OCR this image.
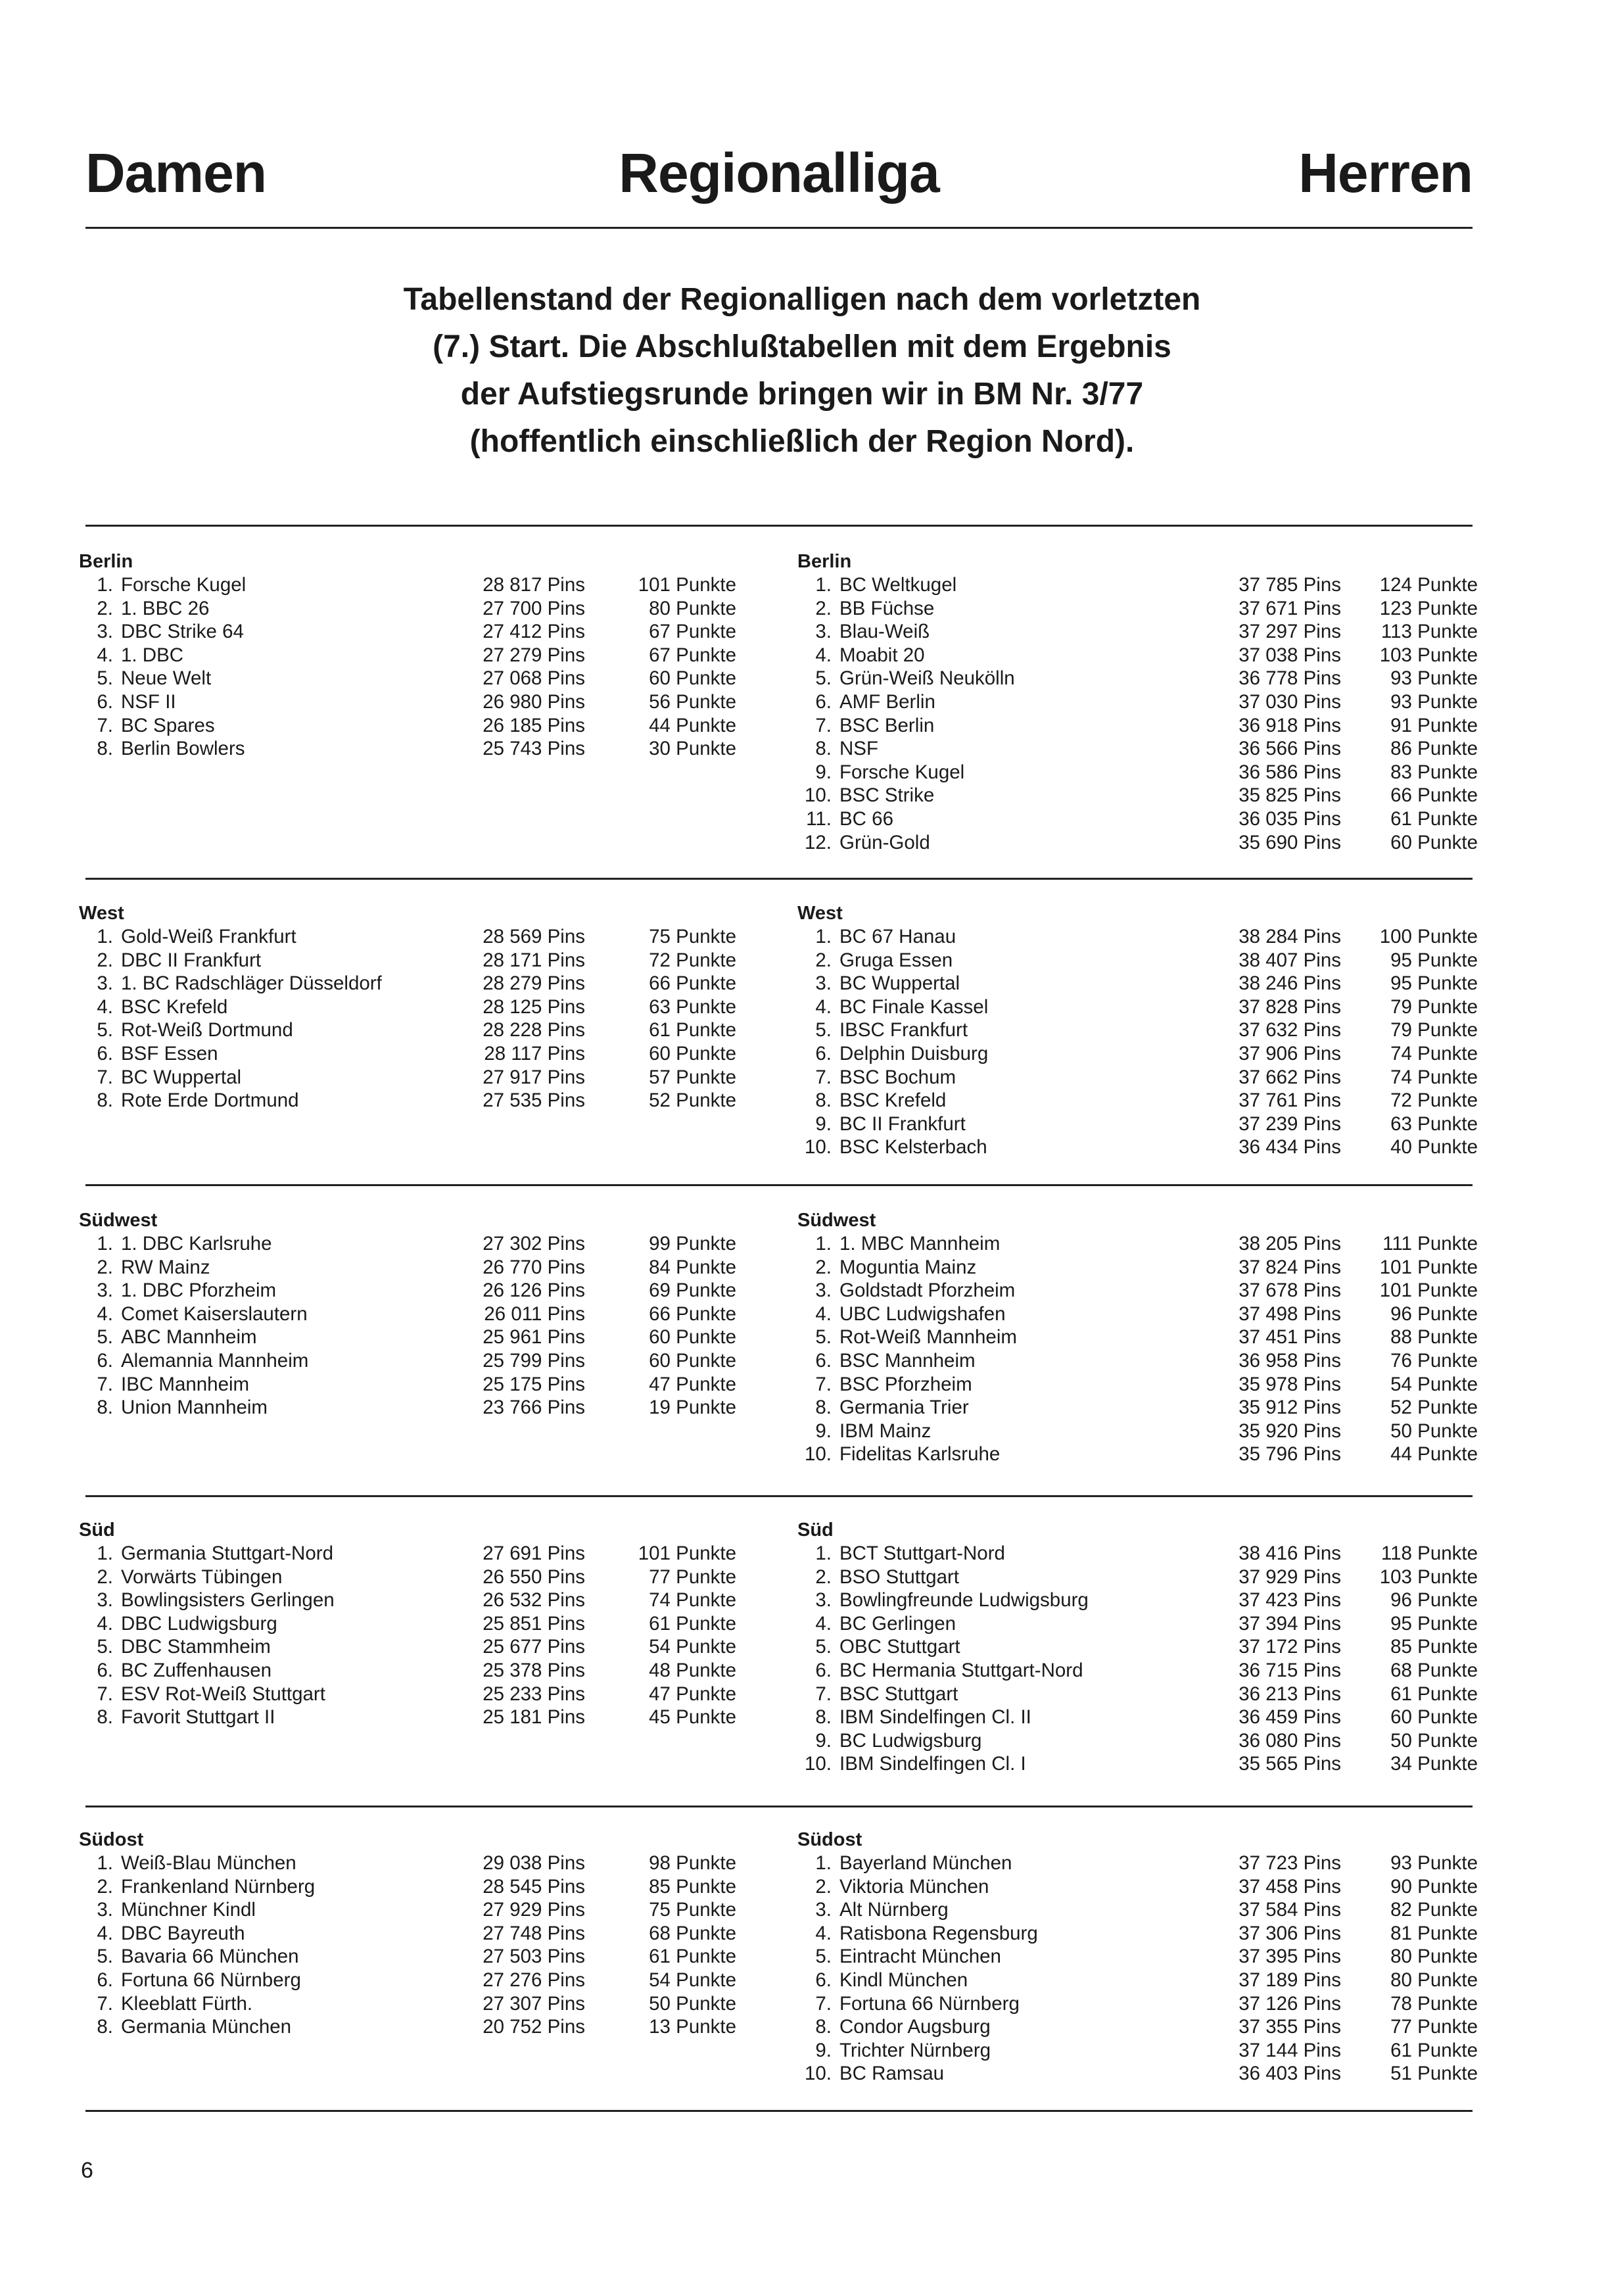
Damen	Regionalliga	Herren
Tabellenstand der Regionalligen nach dem vorletzten
(7.) Start. Die Abschlußtabellen mit dem Ergebnis
der Aufstiegsrunde bringen wir in BM Nr. 3/77
(hoffentlich einschließlich der Region Nord).
Berlin
1. Forsche Kugel	28 817 Pins	101 Punkte
2. 1. BBC 26	27 700 Pins	80 Punkte
3. DBC Strike 64	27 412 Pins	67 Punkte
4. 1. DBC	27 279 Pins	67 Punkte
5. Neue Welt	27 068 Pins	60 Punkte
6. NSF II	26 980 Pins	56 Punkte
7. BC Spares	26 185 Pins	44 Punkte
8. Berlin Bowlers	25 743 Pins	30 Punkte
Berlin
1. BC Weltkugel	37 785 Pins 124 Punkte
2. BB Füchse	37 671 Pins 123 Punkte
3. Blau-Weiß	37 297 Pins 113 Punkte
4. Moabit 20	37 038 Pins 103 Punkte
5. Grün-Weiß Neukölln	36 778 Pins	93 Punkte
6. AMF Berlin	37 030 Pins	93 Punkte
7. BSC Berlin	36 918 Pins	91 Punkte
8. NSF	36 566 Pins	86 Punkte
9. Forsche Kugel	36 586 Pins	83 Punkte
10. BSC Strike	35 825 Pins	66 Punkte
11. BC 66	36 035 Pins	61 Punkte
12. Grün-Gold	35 690 Pins	60 Punkte
West
1. Gold-Weiß Frankfurt	28 569 Pins	75 Punkte
2. DBC II Frankfurt	28 171 Pins	72 Punkte
3. 1. BC Radschläger Düsseldorf	28 279 Pins	66 Punkte
4. BSC Krefeld	28 125 Pins	63 Punkte
5. Rot-Weiß Dortmund	28 228 Pins	61 Punkte
6. BSF Essen	28 117 Pins	60 Punkte
7. BC Wuppertal	27 917 Pins	57 Punkte
8. Rote Erde Dortmund	27 535 Pins	52 Punkte
West
1. BC 67 Hanau	38 284 Pins 100 Punkte
2. Gruga Essen	38 407 Pins	95 Punkte
3. BC Wuppertal	38 246 Pins	95 Punkte
4. BC Finale Kassel	37 828 Pins	79 Punkte
5. IBSC Frankfurt	37 632 Pins	79 Punkte
6. Delphin Duisburg	37 906 Pins	74 Punkte
7. BSC Bochum	37 662 Pins	74 Punkte
8. BSC Krefeld	37 761 Pins	72 Punkte
9. BC II Frankfurt	37 239 Pins	63 Punkte
10. BSC Kelsterbach	36 434 Pins	40 Punkte
Südwest
1. 1. DBC Karlsruhe	27 302 Pins	99 Punkte
2. RW Mainz	26 770 Pins	84 Punkte
3. 1. DBC Pforzheim	26 126 Pins	69 Punkte
4. Comet Kaiserslautern	26 011 Pins	66 Punkte
5. ABC Mannheim	25 961 Pins	60 Punkte
6. Alemannia Mannheim	25 799 Pins	60 Punkte
7. IBC Mannheim	25 175 Pins	47 Punkte
8. Union Mannheim	23 766 Pins	19 Punkte
Südwest
1. 1. MBC Mannheim	38 205 Pins 111 Punkte
2. Moguntia Mainz	37 824 Pins 101 Punkte
3. Goldstadt Pforzheim	37 678 Pins 101 Punkte
4. UBC Ludwigshafen	37 498 Pins	96 Punkte
5. Rot-Weiß Mannheim	37 451 Pins	88 Punkte
6. BSC Mannheim	36 958 Pins	76 Punkte
7. BSC Pforzheim	35 978 Pins	54 Punkte
8. Germania Trier	35 912 Pins	52 Punkte
9. IBM Mainz	35 920 Pins	50 Punkte
10. Fidelitas Karlsruhe	35 796 Pins	44 Punkte
Süd
1. Germania Stuttgart-Nord	27 691 Pins	101 Punkte
2. Vorwärts Tübingen	26 550 Pins	77 Punkte
3. Bowlingsisters Gerlingen	26 532 Pins	74 Punkte
4. DBC Ludwigsburg	25 851 Pins	61 Punkte
5. DBC Stammheim	25 677 Pins	54 Punkte
6. BC Zuffenhausen	25 378 Pins	48 Punkte
7. ESV Rot-Weiß Stuttgart	25 233 Pins	47 Punkte
8. Favorit Stuttgart II	25 181 Pins	45 Punkte
Süd
1. BCT Stuttgart-Nord	38 416 Pins 118 Punkte
2. BSO Stuttgart	37 929 Pins 103 Punkte
3. Bowlingfreunde Ludwigsburg	37 423 Pins	96 Punkte
4. BC Gerlingen	37 394 Pins	95 Punkte
5. OBC Stuttgart	37 172 Pins	85 Punkte
6. BC Hermania Stuttgart-Nord	36 715 Pins	68 Punkte
7. BSC Stuttgart	36 213 Pins	61 Punkte
8. IBM Sindelfingen Cl. II	36 459 Pins	60 Punkte
9. BC Ludwigsburg	36 080 Pins	50 Punkte
10. IBM Sindelfingen Cl. I	35 565 Pins	34 Punkte
Südost
1. Weiß-Blau München	29 038 Pins	98 Punkte
2. Frankenland Nürnberg	28 545 Pins	85 Punkte
3. Münchner Kindl	27 929 Pins	75 Punkte
4. DBC Bayreuth	27 748 Pins	68 Punkte
5. Bavaria 66 München	27 503 Pins	61 Punkte
6. Fortuna 66 Nürnberg	27 276 Pins	54 Punkte
7. Kleeblatt Fürth.	27 307 Pins	50 Punkte
8. Germania München	20 752 Pins	13 Punkte
Südost
1. Bayerland München	37 723 Pins	93 Punkte
2. Viktoria München	37 458 Pins	90 Punkte
3. Alt Nürnberg	37 584 Pins	82 Punkte
4. Ratisbona Regensburg	37 306 Pins	81 Punkte
5. Eintracht München	37 395 Pins	80 Punkte
6. Kindl München	37 189 Pins	80 Punkte
7. Fortuna 66 Nürnberg	37 126 Pins	78 Punkte
8. Condor Augsburg	37 355 Pins	77 Punkte
9. Trichter Nürnberg	37 144 Pins	61 Punkte
10. BC Ramsau	36 403 Pins	51 Punkte
6
